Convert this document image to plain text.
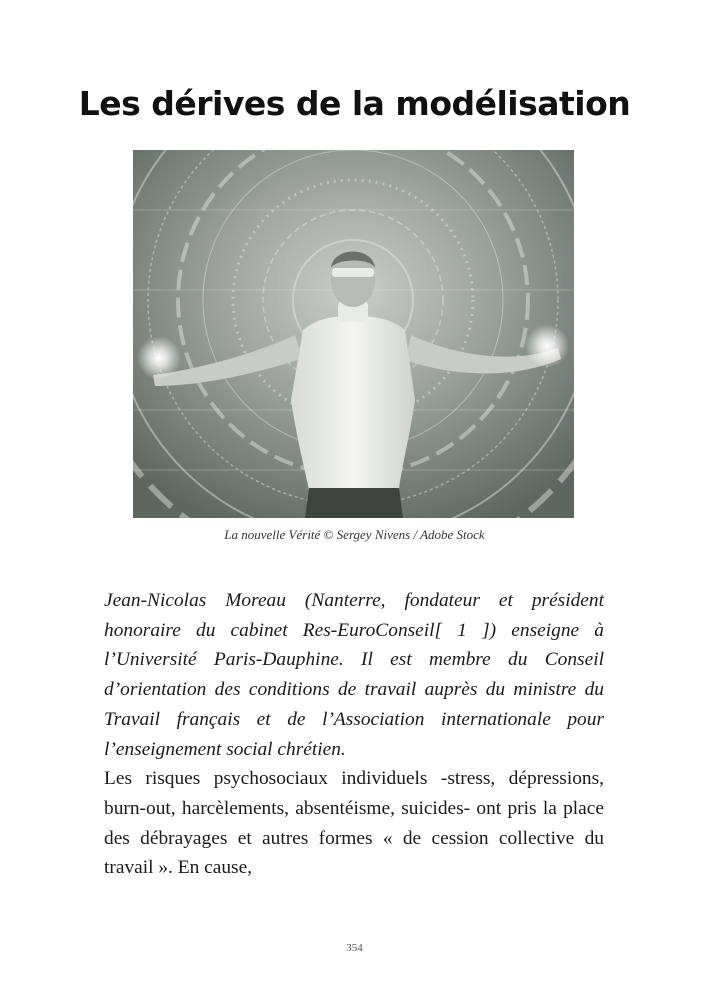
Les dérives de la modélisation
La nouvelle Vérité © Sergey Nivens / Adobe Stock

Jean-Nicolas Moreau (Nanterre, fondateur et président honoraire du cabinet Res-EuroConseil[ 1 ]) enseigne à l’Université Paris-Dauphine. Il est membre du Conseil d’orientation des conditions de travail auprès du ministre du Travail français et de l’Association internationale pour l’enseignement social chrétien.

Les risques psychosociaux individuels -stress, dépressions, burn-out, harcèlements, absentéisme, suicides- ont pris la place des débrayages et autres formes « de cession collective du travail ». En cause,

354
